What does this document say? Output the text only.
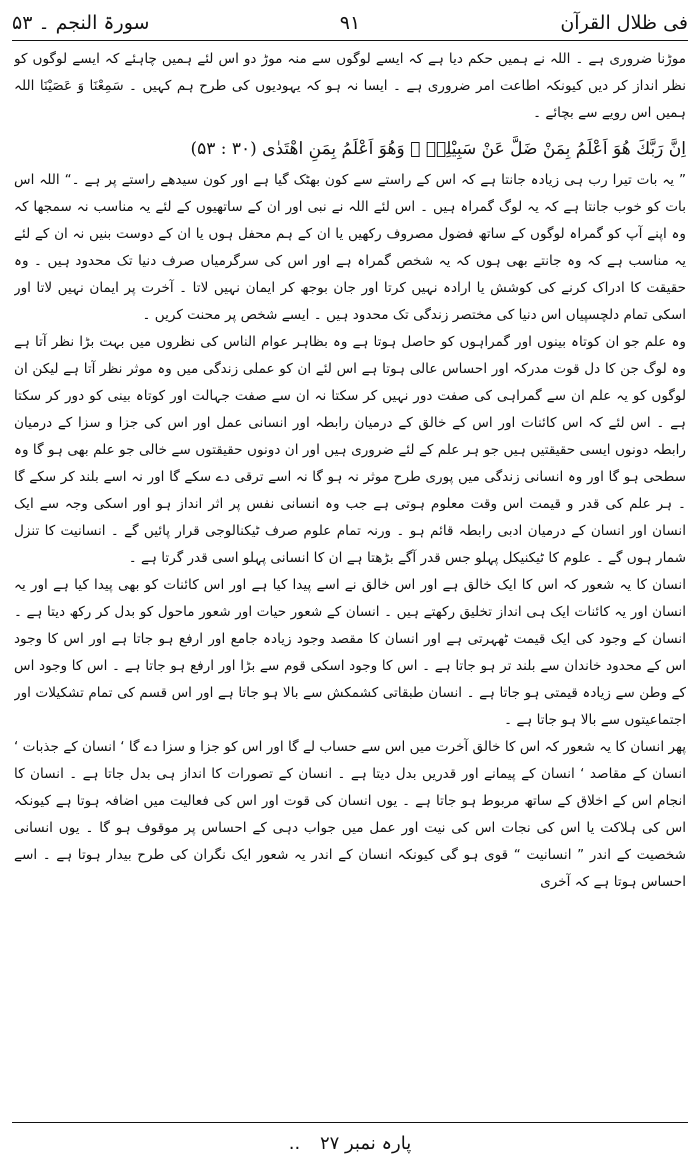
فی ظلال القرآن
۹۱
سورۃ النجم ۔ ۵۳

موڑنا ضروری ہے ۔ اللہ نے ہمیں حکم دیا ہے کہ ایسے لوگوں سے منہ موڑ دو اس لئے ہمیں چاہئے کہ ایسے لوگوں کو نظر انداز کر دیں کیونکہ اطاعت امر ضروری ہے ۔ ایسا نہ ہو کہ یہودیوں کی طرح ہم کہیں ۔ سَمِعْنَا وَ عَصَيْنَا اللہ ہمیں اس رویے سے بچائے ۔

اِنَّ رَبَّكَ هُوَ اَعْلَمُ بِمَنْ ضَلَّ عَنْ سَبِيْلِهٖ ۙ وَهُوَ اَعْلَمُ بِمَنِ اهْتَدٰى (۵۳ : ۳۰)

” یہ بات تیرا رب ہی زیادہ جانتا ہے کہ اس کے راستے سے کون بھٹک گیا ہے اور کون سیدھے راستے پر ہے ۔“ اللہ اس بات کو خوب جانتا ہے کہ یہ لوگ گمراہ ہیں ۔ اس لئے اللہ نے نبی اور ان کے ساتھیوں کے لئے یہ مناسب نہ سمجھا کہ وہ اپنے آپ کو گمراہ لوگوں کے ساتھ فضول مصروف رکھیں یا ان کے ہم محفل ہوں یا ان کے دوست بنیں نہ ان کے لئے یہ مناسب ہے کہ وہ جانتے بھی ہوں کہ یہ شخص گمراہ ہے اور اس کی سرگرمیاں صرف دنیا تک محدود ہیں ۔ وہ حقیقت کا ادراک کرنے کی کوشش یا ارادہ نہیں کرتا اور جان بوجھ کر ایمان نہیں لاتا ۔ آخرت پر ایمان نہیں لاتا اور اسکی تمام دلچسپیاں اس دنیا کی مختصر زندگی تک محدود ہیں ۔ ایسے شخص پر محنت کریں ۔

وہ علم جو ان کوتاہ بینوں اور گمراہوں کو حاصل ہوتا ہے وہ بظاہر عوام الناس کی نظروں میں بہت بڑا نظر آتا ہے وہ لوگ جن کا دل قوت مدرکہ اور احساس عالی ہوتا ہے اس لئے ان کو عملی زندگی میں وہ موثر نظر آتا ہے لیکن ان لوگوں کو یہ علم ان سے گمراہی کی صفت دور نہیں کر سکتا نہ ان سے صفت جہالت اور کوتاہ بینی کو دور کر سکتا ہے ۔ اس لئے کہ اس کائنات اور اس کے خالق کے درمیان رابطہ اور انسانی عمل اور اس کی جزا و سزا کے درمیان رابطہ دونوں ایسی حقیقتیں ہیں جو ہر علم کے لئے ضروری ہیں اور ان دونوں حقیقتوں سے خالی جو علم بھی ہو گا وہ سطحی ہو گا اور وہ انسانی زندگی میں پوری طرح موثر نہ ہو گا نہ اسے ترقی دے سکے گا اور نہ اسے بلند کر سکے گا ۔ ہر علم کی قدر و قیمت اس وقت معلوم ہوتی ہے جب وہ انسانی نفس پر اثر انداز ہو اور اسکی وجہ سے ایک انسان اور انسان کے درمیان ادبی رابطہ قائم ہو ۔ ورنہ تمام علوم صرف ٹیکنالوجی قرار پائیں گے ۔ انسانیت کا تنزل شمار ہوں گے ۔ علوم کا ٹیکنیکل پہلو جس قدر آگے بڑھتا ہے ان کا انسانی پہلو اسی قدر گرتا ہے ۔

انسان کا یہ شعور کہ اس کا ایک خالق ہے اور اس خالق نے اسے پیدا کیا ہے اور اس کائنات کو بھی پیدا کیا ہے اور یہ انسان اور یہ کائنات ایک ہی انداز تخلیق رکھتے ہیں ۔ انسان کے شعور حیات اور شعور ماحول کو بدل کر رکھ دیتا ہے ۔ انسان کے وجود کی ایک قیمت ٹھہرتی ہے اور انسان کا مقصد وجود زیادہ جامع اور ارفع ہو جاتا ہے اور اس کا وجود اس کے محدود خاندان سے بلند تر ہو جاتا ہے ۔ اس کا وجود اسکی قوم سے بڑا اور ارفع ہو جاتا ہے ۔ اس کا وجود اس کے وطن سے زیادہ قیمتی ہو جاتا ہے ۔ انسان طبقاتی کشمکش سے بالا ہو جاتا ہے اور اس قسم کی تمام تشکیلات اور اجتماعیتوں سے بالا ہو جاتا ہے ۔

پھر انسان کا یہ شعور کہ اس کا خالق آخرت میں اس سے حساب لے گا اور اس کو جزا و سزا دے گا ‘ انسان کے جذبات ‘ انسان کے مقاصد ‘ انسان کے پیمانے اور قدریں بدل دیتا ہے ۔ انسان کے تصورات کا انداز ہی بدل جاتا ہے ۔ انسان کا انجام اس کے اخلاق کے ساتھ مربوط ہو جاتا ہے ۔ یوں انسان کی قوت اور اس کی فعالیت میں اضافہ ہوتا ہے کیونکہ اس کی ہلاکت یا اس کی نجات اس کی نیت اور عمل میں جواب دہی کے احساس پر موقوف ہو گا ۔ یوں انسانی شخصیت کے اندر ” انسانیت “ قوی ہو گی کیونکہ انسان کے اندر یہ شعور ایک نگران کی طرح بیدار ہوتا ہے ۔ اسے احساس ہوتا ہے کہ آخری

پارہ نمبر ۲۷ ..
